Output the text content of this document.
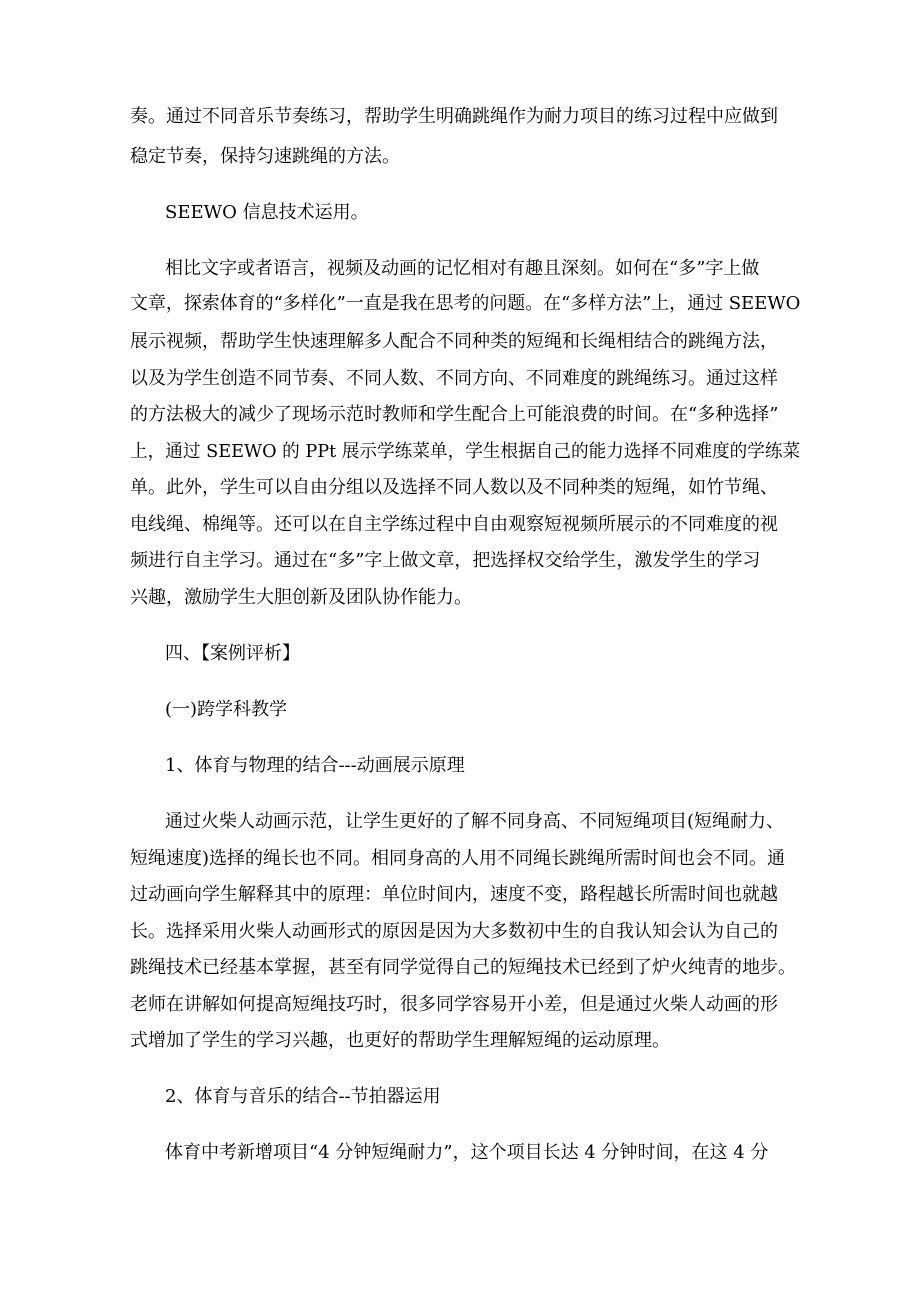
奏。通过不同音乐节奏练习，帮助学生明确跳绳作为耐力项目的练习过程中应做到
稳定节奏，保持匀速跳绳的方法。
SEEWO 信息技术运用。
相比文字或者语言，视频及动画的记忆相对有趣且深刻。如何在“多”字上做
文章，探索体育的“多样化”一直是我在思考的问题。在“多样方法”上，通过 SEEWO
展示视频，帮助学生快速理解多人配合不同种类的短绳和长绳相结合的跳绳方法，
以及为学生创造不同节奏、不同人数、不同方向、不同难度的跳绳练习。通过这样
的方法极大的减少了现场示范时教师和学生配合上可能浪费的时间。在“多种选择”
上，通过 SEEWO 的 PPt 展示学练菜单，学生根据自己的能力选择不同难度的学练菜
单。此外，学生可以自由分组以及选择不同人数以及不同种类的短绳，如竹节绳、
电线绳、棉绳等。还可以在自主学练过程中自由观察短视频所展示的不同难度的视
频进行自主学习。通过在“多”字上做文章，把选择权交给学生，激发学生的学习
兴趣，激励学生大胆创新及团队协作能力。
四、【案例评析】
(一)跨学科教学
1、体育与物理的结合---动画展示原理
通过火柴人动画示范，让学生更好的了解不同身高、不同短绳项目(短绳耐力、
短绳速度)选择的绳长也不同。相同身高的人用不同绳长跳绳所需时间也会不同。通
过动画向学生解释其中的原理：单位时间内，速度不变，路程越长所需时间也就越
长。选择采用火柴人动画形式的原因是因为大多数初中生的自我认知会认为自己的
跳绳技术已经基本掌握，甚至有同学觉得自己的短绳技术已经到了炉火纯青的地步。
老师在讲解如何提高短绳技巧时，很多同学容易开小差，但是通过火柴人动画的形
式增加了学生的学习兴趣，也更好的帮助学生理解短绳的运动原理。
2、体育与音乐的结合--节拍器运用
体育中考新增项目“4 分钟短绳耐力”，这个项目长达 4 分钟时间，在这 4 分
